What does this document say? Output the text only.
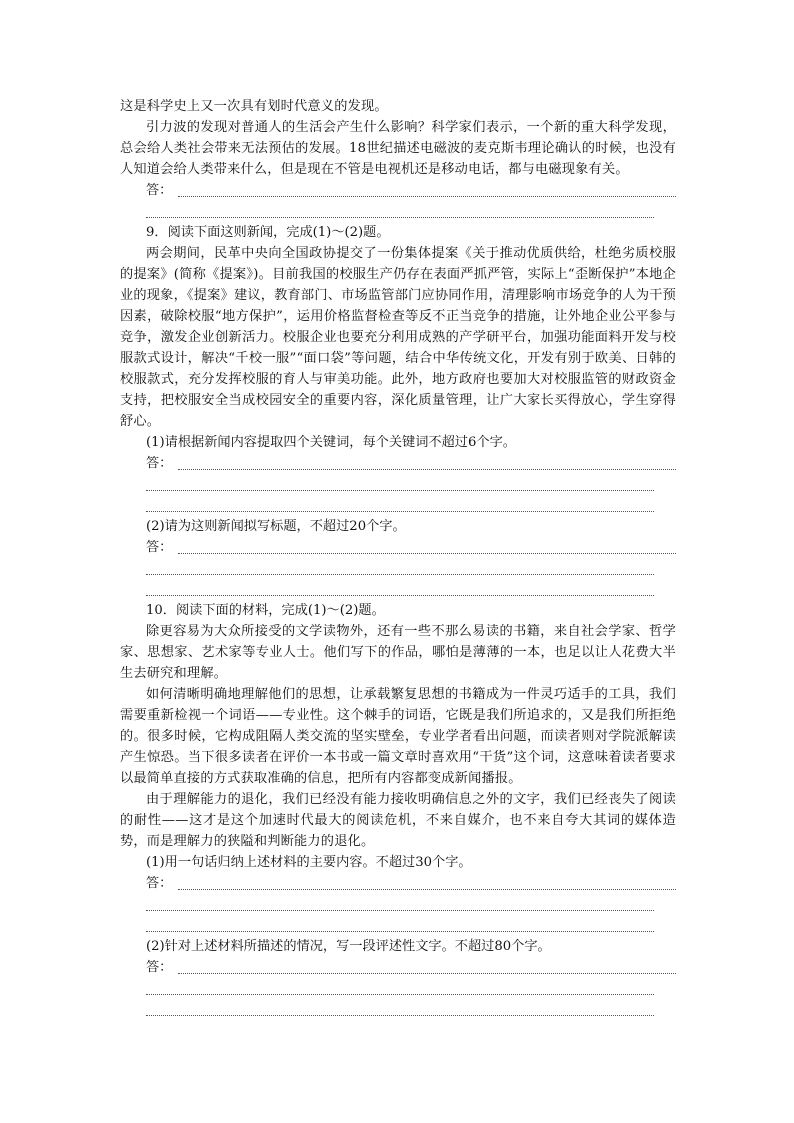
这是科学史上又一次具有划时代意义的发现。

引力波的发现对普通人的生活会产生什么影响？科学家们表示，一个新的重大科学发现，总会给人类社会带来无法预估的发展。18世纪描述电磁波的麦克斯韦理论确认的时候，也没有人知道会给人类带来什么，但是现在不管是电视机还是移动电话，都与电磁现象有关。

答：

9．阅读下面这则新闻，完成(1)～(2)题。

两会期间，民革中央向全国政协提交了一份集体提案《关于推动优质供给，杜绝劣质校服的提案》(简称《提案》)。目前我国的校服生产仍存在表面严抓严管，实际上“歪断保护”本地企业的现象，《提案》建议，教育部门、市场监管部门应协同作用，清理影响市场竞争的人为干预因素，破除校服“地方保护”，运用价格监督检查等反不正当竞争的措施，让外地企业公平参与竞争，激发企业创新活力。校服企业也要充分利用成熟的产学研平台，加强功能面料开发与校服款式设计，解决“千校一服”“面口袋”等问题，结合中华传统文化，开发有别于欧美、日韩的校服款式，充分发挥校服的育人与审美功能。此外，地方政府也要加大对校服监管的财政资金支持，把校服安全当成校园安全的重要内容，深化质量管理，让广大家长买得放心，学生穿得舒心。

(1)请根据新闻内容提取四个关键词，每个关键词不超过6个字。

答：

(2)请为这则新闻拟写标题，不超过20个字。

答：

10．阅读下面的材料，完成(1)～(2)题。

除更容易为大众所接受的文学读物外，还有一些不那么易读的书籍，来自社会学家、哲学家、思想家、艺术家等专业人士。他们写下的作品，哪怕是薄薄的一本，也足以让人花费大半生去研究和理解。

如何清晰明确地理解他们的思想，让承载繁复思想的书籍成为一件灵巧适手的工具，我们需要重新检视一个词语——专业性。这个棘手的词语，它既是我们所追求的，又是我们所拒绝的。很多时候，它构成阻隔人类交流的坚实壁垒，专业学者看出问题，而读者则对学院派解读产生惊恐。当下很多读者在评价一本书或一篇文章时喜欢用“干货”这个词，这意味着读者要求以最简单直接的方式获取准确的信息，把所有内容都变成新闻播报。

由于理解能力的退化，我们已经没有能力接收明确信息之外的文字，我们已经丧失了阅读的耐性——这才是这个加速时代最大的阅读危机，不来自媒介，也不来自夸大其词的媒体造势，而是理解力的狭隘和判断能力的退化。

(1)用一句话归纳上述材料的主要内容。不超过30个字。

答：

(2)针对上述材料所描述的情况，写一段评述性文字。不超过80个字。

答：
